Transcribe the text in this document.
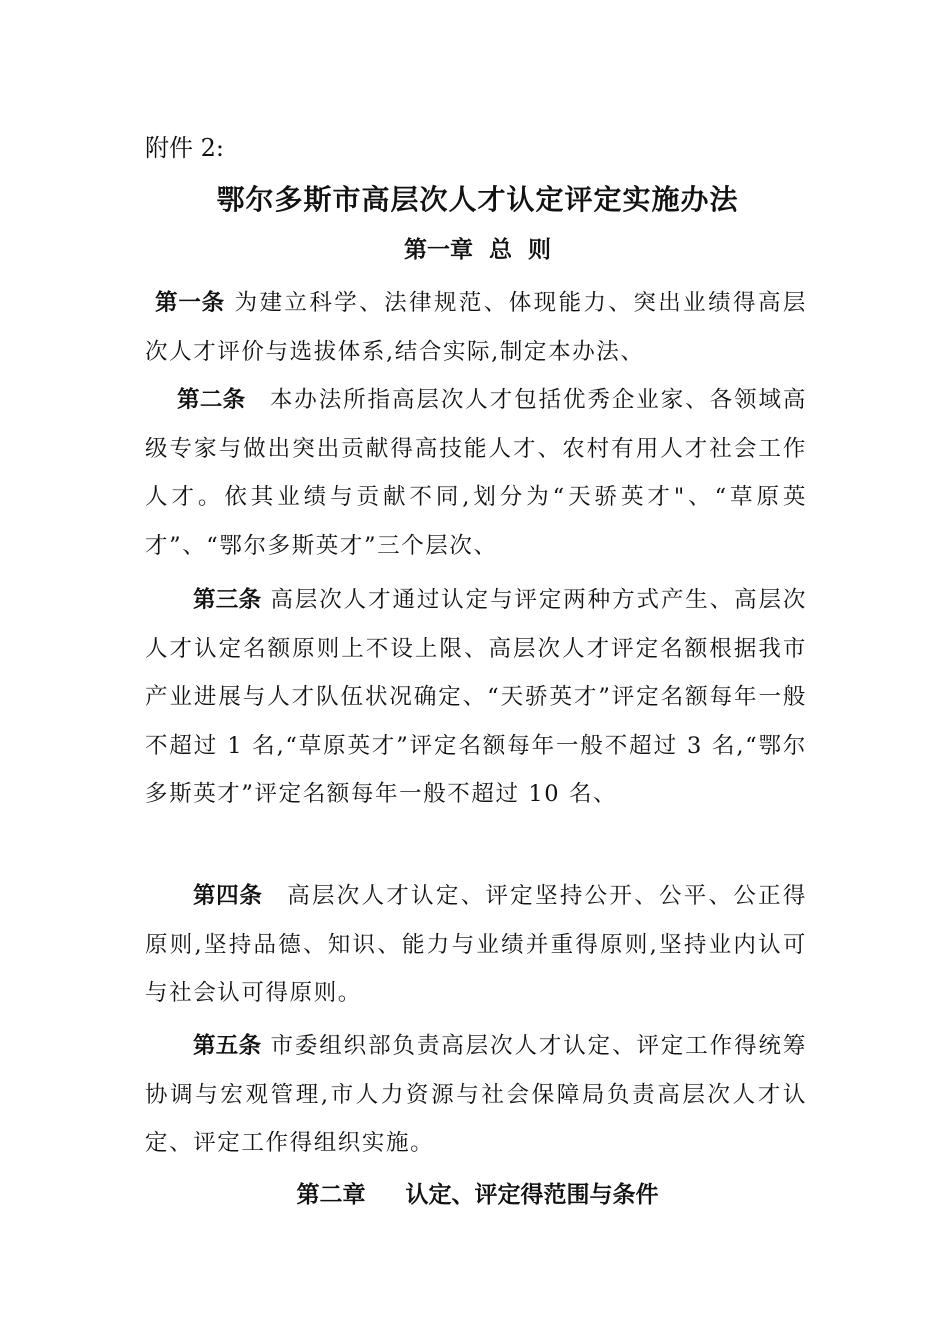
附件 2:
鄂尔多斯市高层次人才认定评定实施办法
第一章  总  则
第一条 为建立科学、法律规范、体现能力、突出业绩得高层次人才评价与选拔体系,结合实际,制定本办法、
第二条 本办法所指高层次人才包括优秀企业家、各领域高级专家与做出突出贡献得高技能人才、农村有用人才社会工作人才。依其业绩与贡献不同,划分为“天骄英才"、“草原英才”、“鄂尔多斯英才”三个层次、
第三条 高层次人才通过认定与评定两种方式产生、高层次人才认定名额原则上不设上限、高层次人才评定名额根据我市产业进展与人才队伍状况确定、“天骄英才”评定名额每年一般不超过 1 名,“草原英才”评定名额每年一般不超过 3 名,“鄂尔多斯英才”评定名额每年一般不超过 10 名、
第四条 高层次人才认定、评定坚持公开、公平、公正得原则,坚持品德、知识、能力与业绩并重得原则,坚持业内认可与社会认可得原则。
第五条 市委组织部负责高层次人才认定、评定工作得统筹协调与宏观管理,市人力资源与社会保障局负责高层次人才认定、评定工作得组织实施。
第二章     认定、评定得范围与条件
